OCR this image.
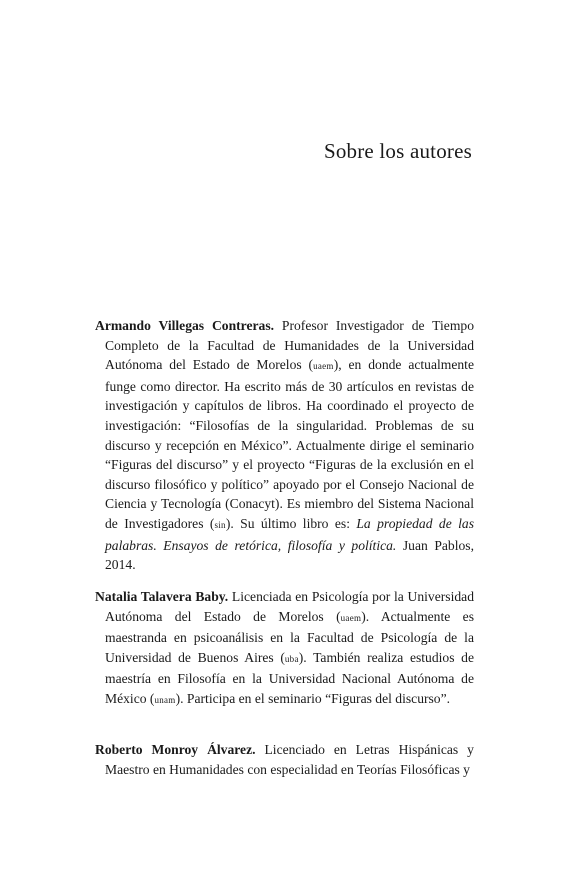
Sobre los autores

Armando Villegas Contreras. Profesor Investigador de Tiempo Completo de la Facultad de Humanidades de la Universidad Autónoma del Estado de Morelos (uaem), en donde actualmente funge como director. Ha escrito más de 30 artículos en revistas de investigación y capítulos de libros. Ha coordinado el proyecto de investigación: “Filosofías de la singularidad. Problemas de su discurso y recepción en México”. Actualmente dirige el seminario “Figuras del discurso” y el proyecto “Figuras de la exclusión en el discurso filosófico y político” apoyado por el Consejo Nacional de Ciencia y Tecnología (Conacyt). Es miembro del Sistema Nacional de Investigadores (sin). Su último libro es: La propiedad de las palabras. Ensayos de retórica, filosofía y política. Juan Pablos, 2014.

Natalia Talavera Baby. Licenciada en Psicología por la Universidad Autónoma del Estado de Morelos (uaem). Actualmente es maestranda en psicoanálisis en la Facultad de Psicología de la Universidad de Buenos Aires (uba). También realiza estudios de maestría en Filosofía en la Universidad Nacional Autónoma de México (unam). Participa en el seminario “Figuras del discurso”.

Roberto Monroy Álvarez. Licenciado en Letras Hispánicas y Maestro en Humanidades con especialidad en Teorías Filosóficas y
